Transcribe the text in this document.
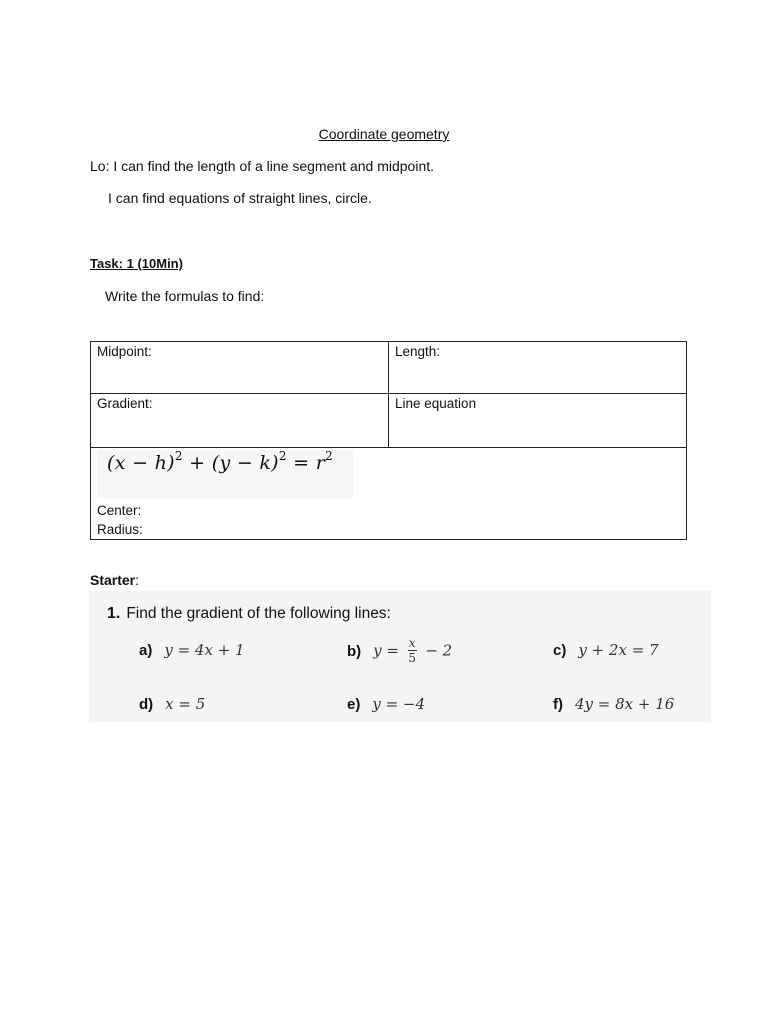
Coordinate geometry
Lo: I can find the length of a line segment and midpoint.
I can find equations of straight lines, circle.
Task: 1 (10Min)
Write the formulas to find:
Midpoint:	Length:
Gradient:	Line equation
$(x - h)^2 + (y - k)^2 = r^2$
Center:
Radius:
Starter:
1. Find the gradient of the following lines:
a) y = 4x + 1	b) $y = \frac{x}{5} - 2$	c) y + 2x = 7
d) x = 5	e) y = −4	f) 4y = 8x + 16
